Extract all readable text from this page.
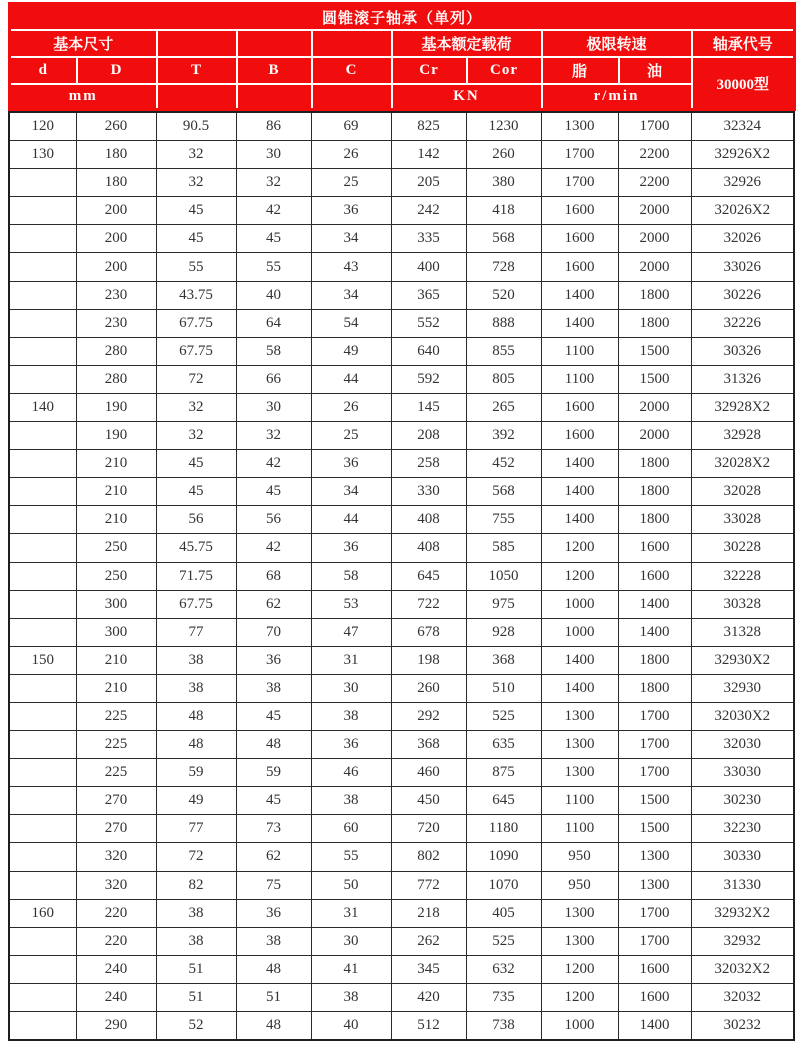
圆锥滚子轴承（单列）									
基本尺寸					基本额定载荷		极限转速		轴承代号
d	D	T	B	C	Cr	Cor	脂	油	30000型
mm					KN		r/min		
120	260	90.5	86	69	825	1230	1300	1700	32324
130	180	32	30	26	142	260	1700	2200	32926X2
	180	32	32	25	205	380	1700	2200	32926
	200	45	42	36	242	418	1600	2000	32026X2
	200	45	45	34	335	568	1600	2000	32026
	200	55	55	43	400	728	1600	2000	33026
	230	43.75	40	34	365	520	1400	1800	30226
	230	67.75	64	54	552	888	1400	1800	32226
	280	67.75	58	49	640	855	1100	1500	30326
	280	72	66	44	592	805	1100	1500	31326
140	190	32	30	26	145	265	1600	2000	32928X2
	190	32	32	25	208	392	1600	2000	32928
	210	45	42	36	258	452	1400	1800	32028X2
	210	45	45	34	330	568	1400	1800	32028
	210	56	56	44	408	755	1400	1800	33028
	250	45.75	42	36	408	585	1200	1600	30228
	250	71.75	68	58	645	1050	1200	1600	32228
	300	67.75	62	53	722	975	1000	1400	30328
	300	77	70	47	678	928	1000	1400	31328
150	210	38	36	31	198	368	1400	1800	32930X2
	210	38	38	30	260	510	1400	1800	32930
	225	48	45	38	292	525	1300	1700	32030X2
	225	48	48	36	368	635	1300	1700	32030
	225	59	59	46	460	875	1300	1700	33030
	270	49	45	38	450	645	1100	1500	30230
	270	77	73	60	720	1180	1100	1500	32230
	320	72	62	55	802	1090	950	1300	30330
	320	82	75	50	772	1070	950	1300	31330
160	220	38	36	31	218	405	1300	1700	32932X2
	220	38	38	30	262	525	1300	1700	32932
	240	51	48	41	345	632	1200	1600	32032X2
	240	51	51	38	420	735	1200	1600	32032
	290	52	48	40	512	738	1000	1400	30232
